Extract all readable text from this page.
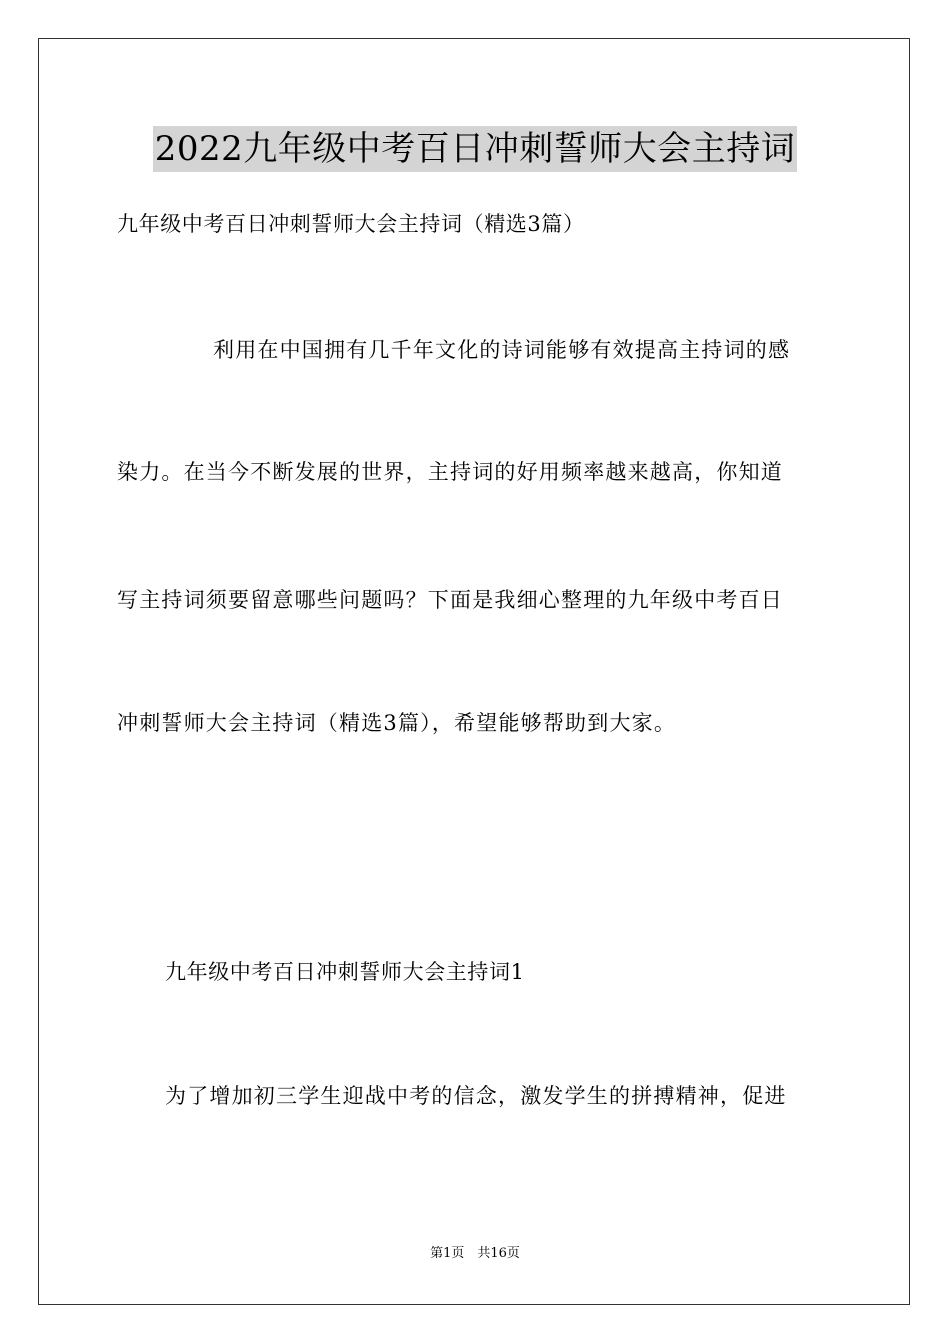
2022九年级中考百日冲刺誓师大会主持词
九年级中考百日冲刺誓师大会主持词（精选3篇）
利用在中国拥有几千年文化的诗词能够有效提高主持词的感
染力。在当今不断发展的世界，主持词的好用频率越来越高，你知道
写主持词须要留意哪些问题吗？下面是我细心整理的九年级中考百日
冲刺誓师大会主持词（精选3篇），希望能够帮助到大家。
九年级中考百日冲刺誓师大会主持词1
为了增加初三学生迎战中考的信念，激发学生的拼搏精神，促进
第1页　共16页
